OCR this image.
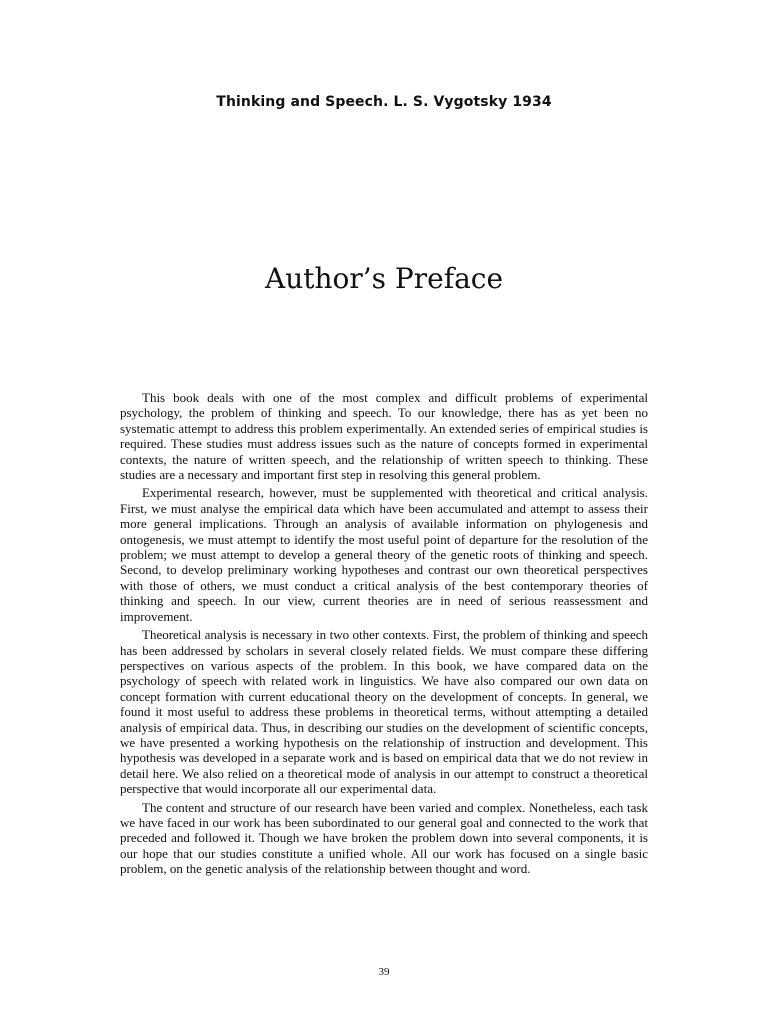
Thinking and Speech. L. S. Vygotsky 1934
Author’s Preface

This book deals with one of the most complex and difficult problems of experimental psychology, the problem of thinking and speech. To our knowledge, there has as yet been no systematic attempt to address this problem experimentally. An extended series of empirical studies is required. These studies must address issues such as the nature of concepts formed in experimental contexts, the nature of written speech, and the relationship of written speech to thinking. These studies are a necessary and important first step in resolving this general problem.

Experimental research, however, must be supplemented with theoretical and critical analysis. First, we must analyse the empirical data which have been accumulated and attempt to assess their more general implications. Through an analysis of available information on phylogenesis and ontogenesis, we must attempt to identify the most useful point of departure for the resolution of the problem; we must attempt to develop a general theory of the genetic roots of thinking and speech. Second, to develop preliminary working hypotheses and contrast our own theoretical perspectives with those of others, we must conduct a critical analysis of the best contemporary theories of thinking and speech. In our view, current theories are in need of serious reassessment and improvement.

Theoretical analysis is necessary in two other contexts. First, the problem of thinking and speech has been addressed by scholars in several closely related fields. We must compare these differing perspectives on various aspects of the problem. In this book, we have compared data on the psychology of speech with related work in linguistics. We have also compared our own data on concept formation with current educational theory on the development of concepts. In general, we found it most useful to address these problems in theoretical terms, without attempting a detailed analysis of empirical data. Thus, in describing our studies on the development of scientific concepts, we have presented a working hypothesis on the relationship of instruction and development. This hypothesis was developed in a separate work and is based on empirical data that we do not review in detail here. We also relied on a theoretical mode of analysis in our attempt to construct a theoretical perspective that would incorporate all our experimental data.

The content and structure of our research have been varied and complex. Nonetheless, each task we have faced in our work has been subordinated to our general goal and connected to the work that preceded and followed it. Though we have broken the problem down into several components, it is our hope that our studies constitute a unified whole. All our work has focused on a single basic problem, on the genetic analysis of the relationship between thought and word.

39
